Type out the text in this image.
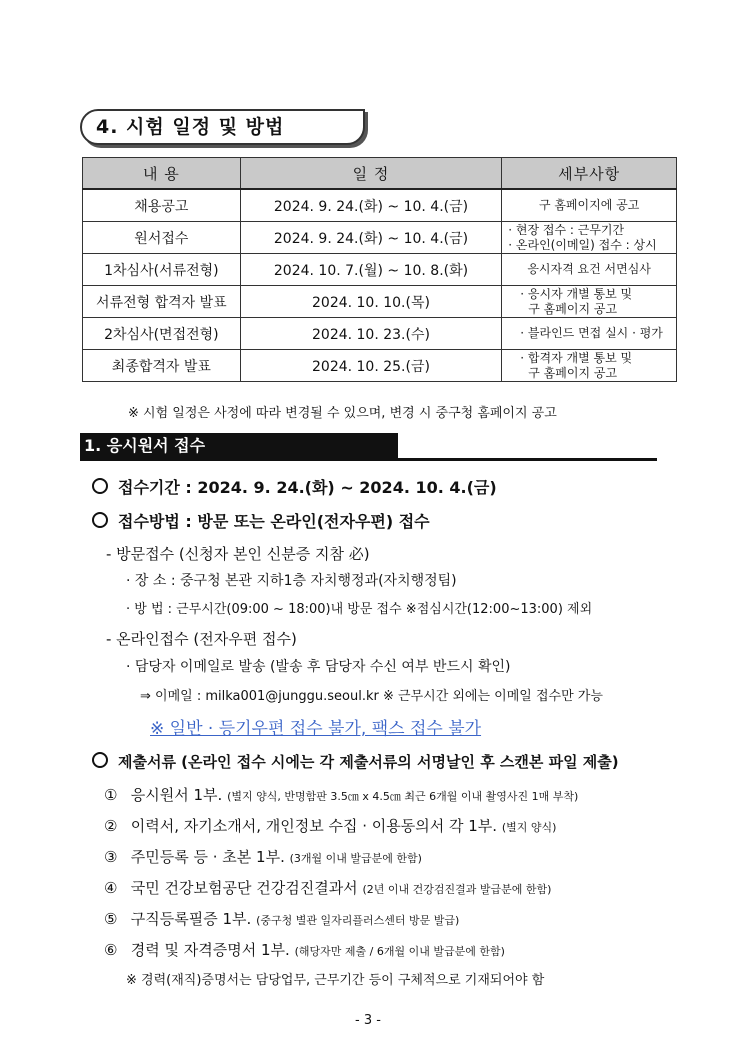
4. 시험 일정 및 방법
내 용	일 정	세부사항
채용공고	2024. 9. 24.(화) ~ 10. 4.(금)	구 홈페이지에 공고

원서접수	2024. 9. 24.(화) ~ 10. 4.(금)	· 현장 접수 : 근무기간
· 온라인(이메일) 접수 : 상시

1차심사(서류전형)	2024. 10. 7.(월) ~ 10. 8.(화)	응시자격 요건 서면심사

서류전형 합격자 발표	2024. 10. 10.(목)	· 응시자 개별 통보 및
구 홈페이지 공고

2차심사(면접전형)	2024. 10. 23.(수)	· 블라인드 면접 실시 · 평가

최종합격자 발표	2024. 10. 25.(금)	· 합격자 개별 통보 및
구 홈페이지 공고
※ 시험 일정은 사정에 따라 변경될 수 있으며, 변경 시 중구청 홈페이지 공고
1. 응시원서 접수
접수기간 : 2024. 9. 24.(화) ~ 2024. 10. 4.(금)
접수방법 : 방문 또는 온라인(전자우편) 접수
- 방문접수 (신청자 본인 신분증 지참 必)
· 장 소 : 중구청 본관 지하1층 자치행정과(자치행정팀)
· 방 법 : 근무시간(09:00 ~ 18:00)내 방문 접수 ※점심시간(12:00~13:00) 제외
- 온라인접수 (전자우편 접수)
· 담당자 이메일로 발송 (발송 후 담당자 수신 여부 반드시 확인)
⇒ 이메일 : milka001@junggu.seoul.kr ※ 근무시간 외에는 이메일 접수만 가능
※ 일반 · 등기우편 접수 불가, 팩스 접수 불가
제출서류 (온라인 접수 시에는 각 제출서류의 서명날인 후 스캔본 파일 제출)
① 응시원서 1부. (별지 양식, 반명함판 3.5㎝ x 4.5㎝ 최근 6개월 이내 촬영사진 1매 부착)
② 이력서, 자기소개서, 개인정보 수집 · 이용동의서 각 1부. (별지 양식)
③ 주민등록 등 · 초본 1부. (3개월 이내 발급분에 한함)
④ 국민 건강보험공단 건강검진결과서 (2년 이내 건강검진결과 발급분에 한함)
⑤ 구직등록필증 1부. (중구청 별관 일자리플러스센터 방문 발급)
⑥ 경력 및 자격증명서 1부. (해당자만 제출 / 6개월 이내 발급분에 한함)
※ 경력(재직)증명서는 담당업무, 근무기간 등이 구체적으로 기재되어야 함
- 3 -
